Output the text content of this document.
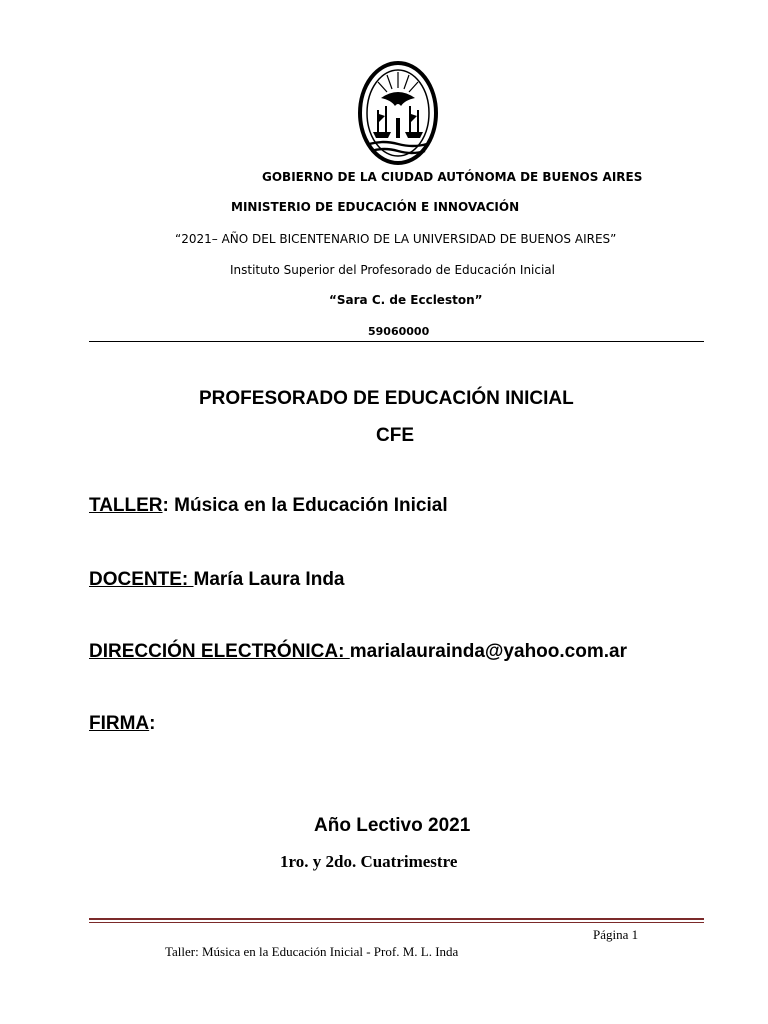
GOBIERNO DE LA CIUDAD AUTÓNOMA DE BUENOS AIRES
MINISTERIO DE EDUCACIÓN E INNOVACIÓN
“2021– AÑO DEL BICENTENARIO DE LA UNIVERSIDAD DE BUENOS AIRES”
Instituto Superior del Profesorado de Educación Inicial
“Sara C. de Eccleston”
59060000
PROFESORADO DE EDUCACIÓN INICIAL
CFE
TALLER: Música en la Educación Inicial
DOCENTE: María Laura Inda
DIRECCIÓN ELECTRÓNICA: marialaurainda@yahoo.com.ar
FIRMA:
Año Lectivo 2021
1ro. y 2do. Cuatrimestre
Página 1
Taller: Música en la Educación Inicial - Prof. M. L. Inda
